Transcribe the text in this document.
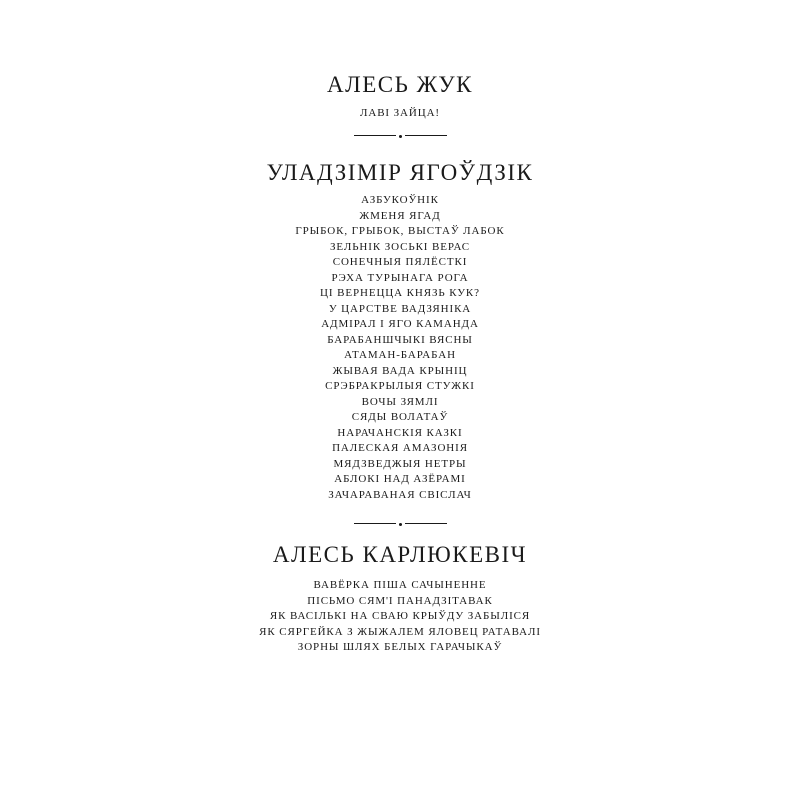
АЛЕСЬ ЖУК
ЛАВІ ЗАЙЦА!
УЛАДЗІМІР ЯГОЎДЗІК
АЗБУКОЎНІК
ЖМЕНЯ ЯГАД
ГРЫБОК, ГРЫБОК, ВЫСТАЎ ЛАБОК
ЗЕЛЬНІК ЗОСЬКІ ВЕРАС
СОНЕЧНЫЯ ПЯЛЁСТКІ
РЭХА ТУРЫНАГА РОГА
ЦІ ВЕРНЕЦЦА КНЯЗЬ КУК?
У ЦАРСТВЕ ВАДЗЯНІКА
АДМІРАЛ І ЯГО КАМАНДА
БАРАБАНШЧЫКІ ВЯСНЫ
АТАМАН-БАРАБАН
ЖЫВАЯ ВАДА КРЫНІЦ
СРЭБРАКРЫЛЫЯ СТУЖКІ
ВОЧЫ ЗЯМЛІ
СЯДЫ ВОЛАТАЎ
НАРАЧАНСКІЯ КАЗКІ
ПАЛЕСКАЯ АМАЗОНІЯ
МЯДЗВЕДЖЫЯ НЕТРЫ
АБЛОКІ НАД АЗЁРАМІ
ЗАЧАРАВАНАЯ СВІСЛАЧ
АЛЕСЬ КАРЛЮКЕВІЧ
ВАВЁРКА ПІША САЧЫНЕННЕ
ПІСЬМО СЯМ'І ПАНАДЗІТАВАК
ЯК ВАСІЛЬКІ НА СВАЮ КРЫЎДУ ЗАБЫЛІСЯ
ЯК СЯРГЕЙКА З ЖЫЖАЛЕМ ЯЛОВЕЦ РАТАВАЛІ
ЗОРНЫ ШЛЯХ БЕЛЫХ ГАРАЧЫКАЎ
